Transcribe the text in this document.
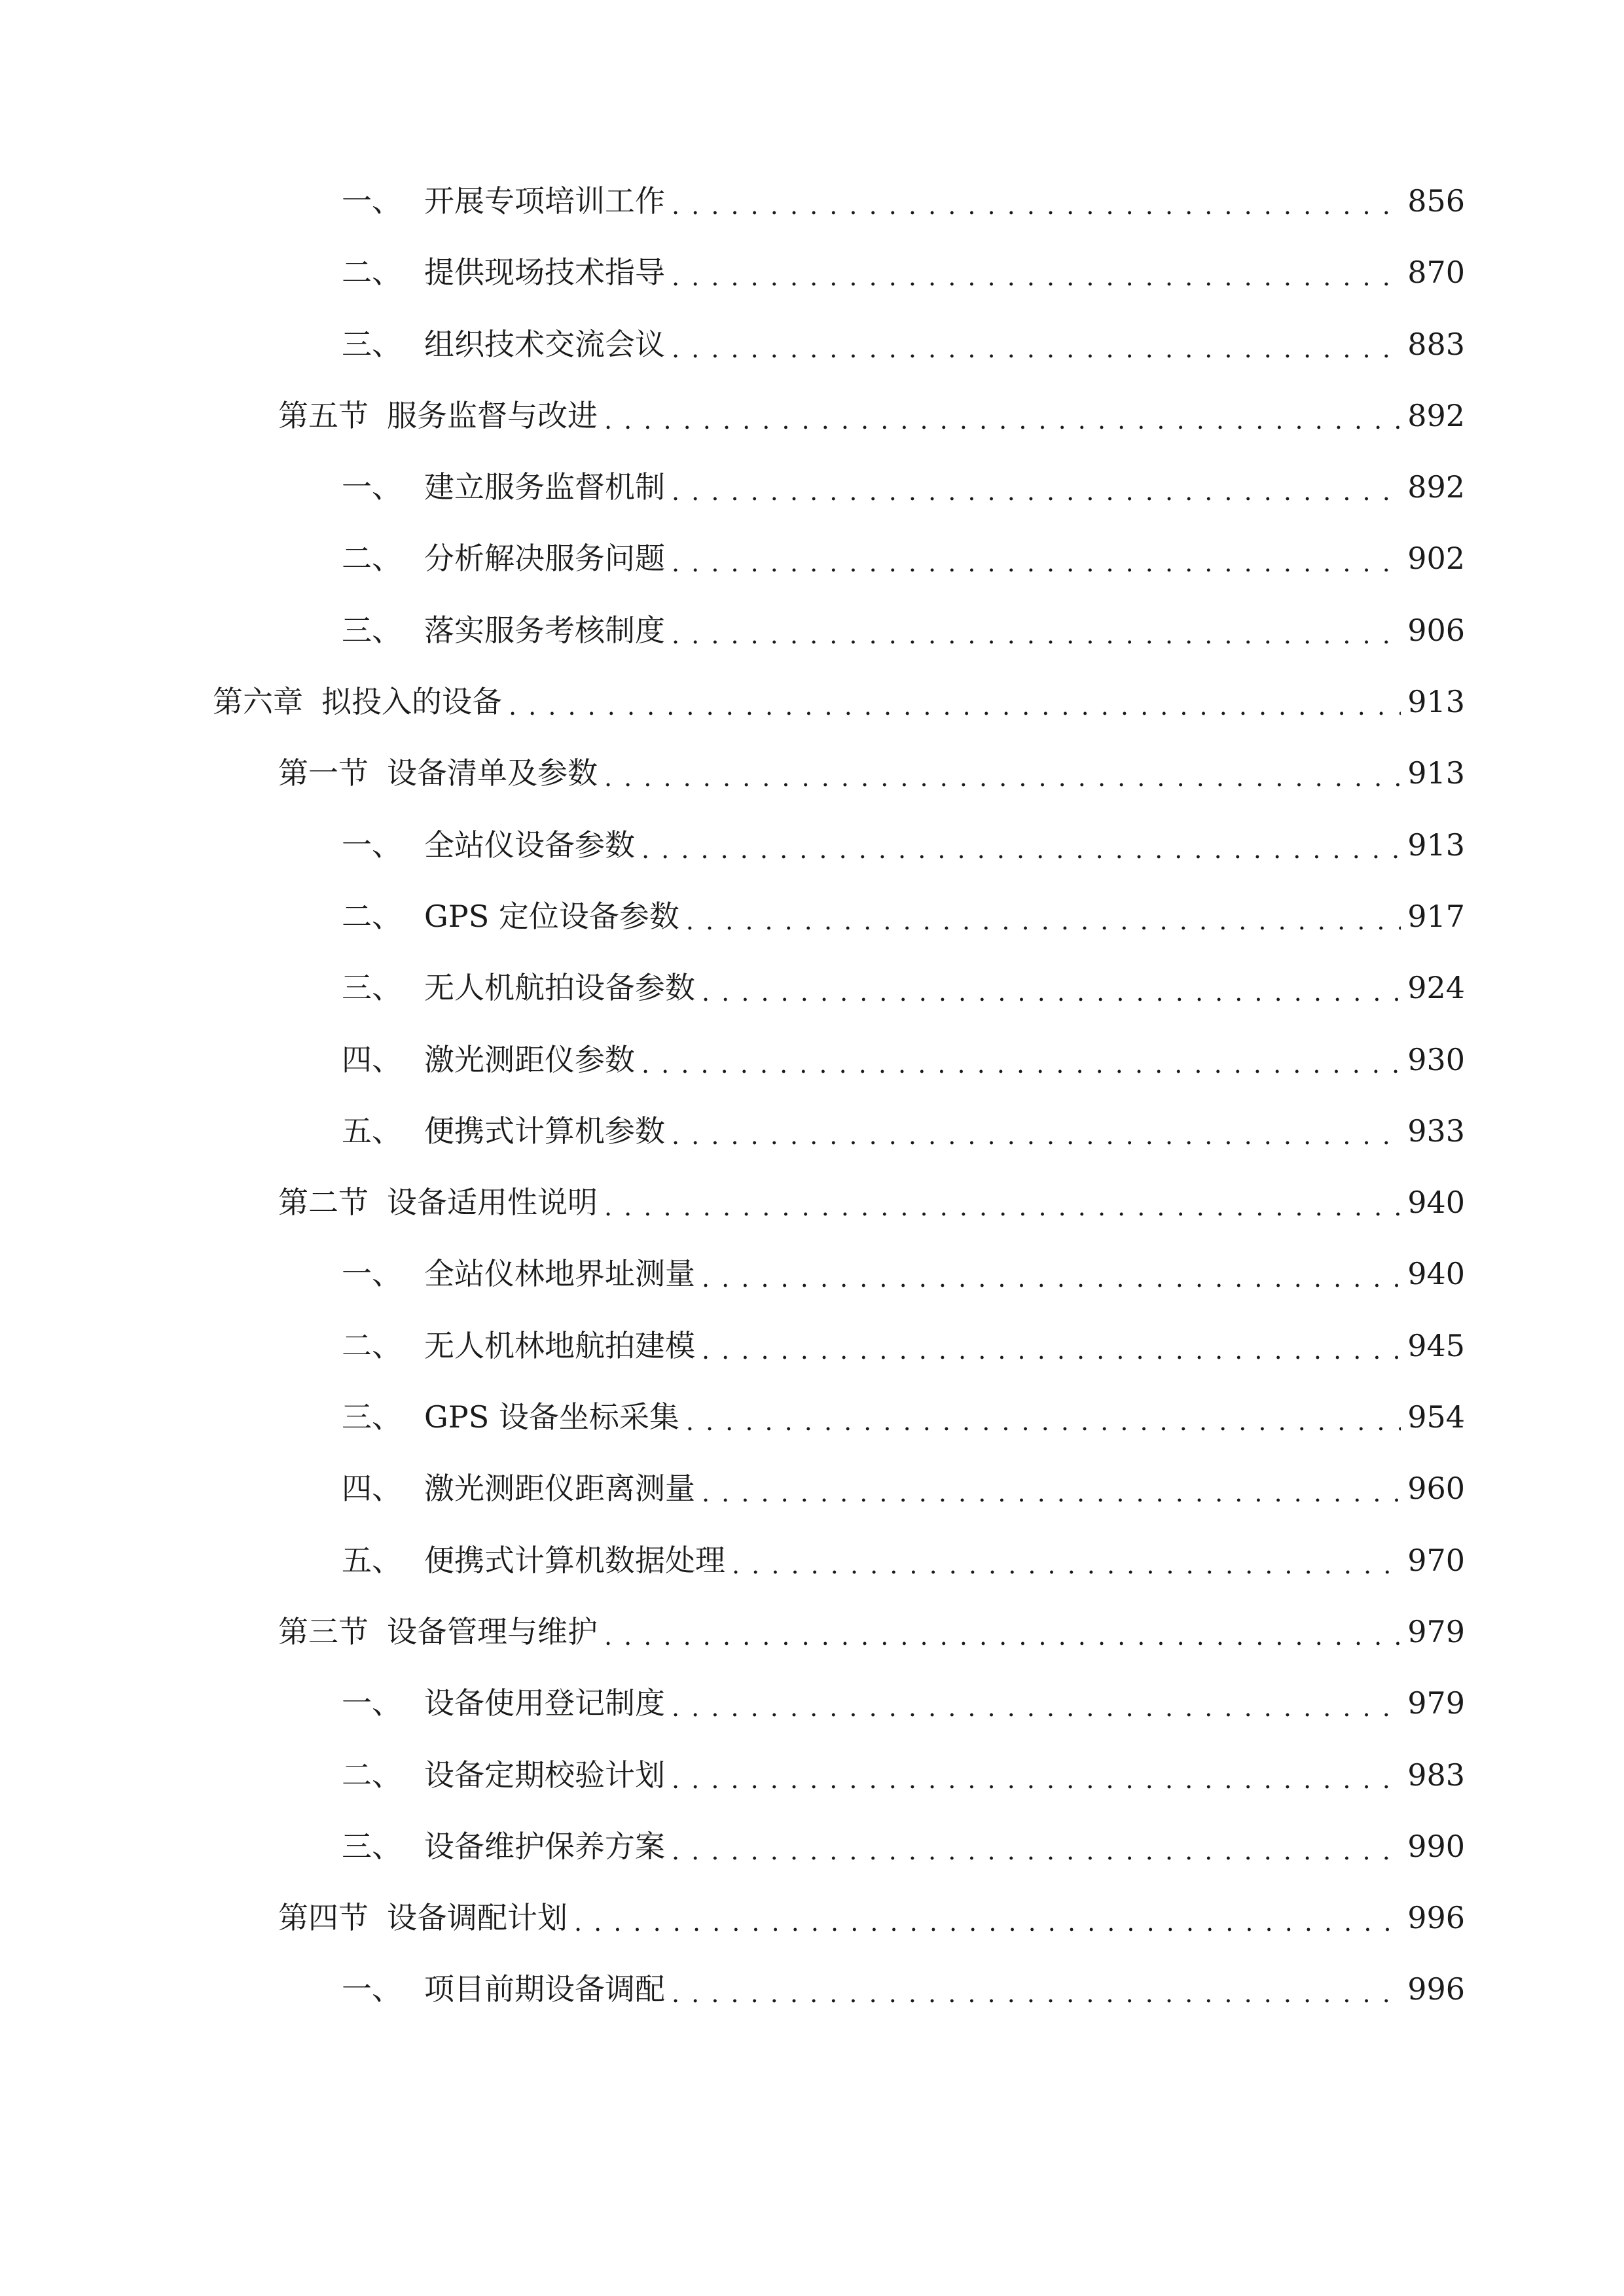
一、 开展专项培训工作 . . .	856
二、 提供现场技术指导 . . .	870
三、 组织技术交流会议 . . .	883
第五节 服务监督与改进 . . .	892
一、 建立服务监督机制 . . .	892
二、 分析解决服务问题 . . .	902
三、 落实服务考核制度 . . .	906
第六章 拟投入的设备 . . .	913
第一节 设备清单及参数 . . .	913
一、 全站仪设备参数 . . .	913
二、 GPS 定位设备参数 . . .	917
三、 无人机航拍设备参数 . . .	924
四、 激光测距仪参数 . . .	930
五、 便携式计算机参数 . . .	933
第二节 设备适用性说明 . . .	940
一、 全站仪林地界址测量 . . .	940
二、 无人机林地航拍建模 . . .	945
三、 GPS 设备坐标采集 . . .	954
四、 激光测距仪距离测量 . . .	960
五、 便携式计算机数据处理 . . .	970
第三节 设备管理与维护 . . .	979
一、 设备使用登记制度 . . .	979
二、 设备定期校验计划 . . .	983
三、 设备维护保养方案 . . .	990
第四节 设备调配计划 . . .	996
一、 项目前期设备调配 . . .	996
